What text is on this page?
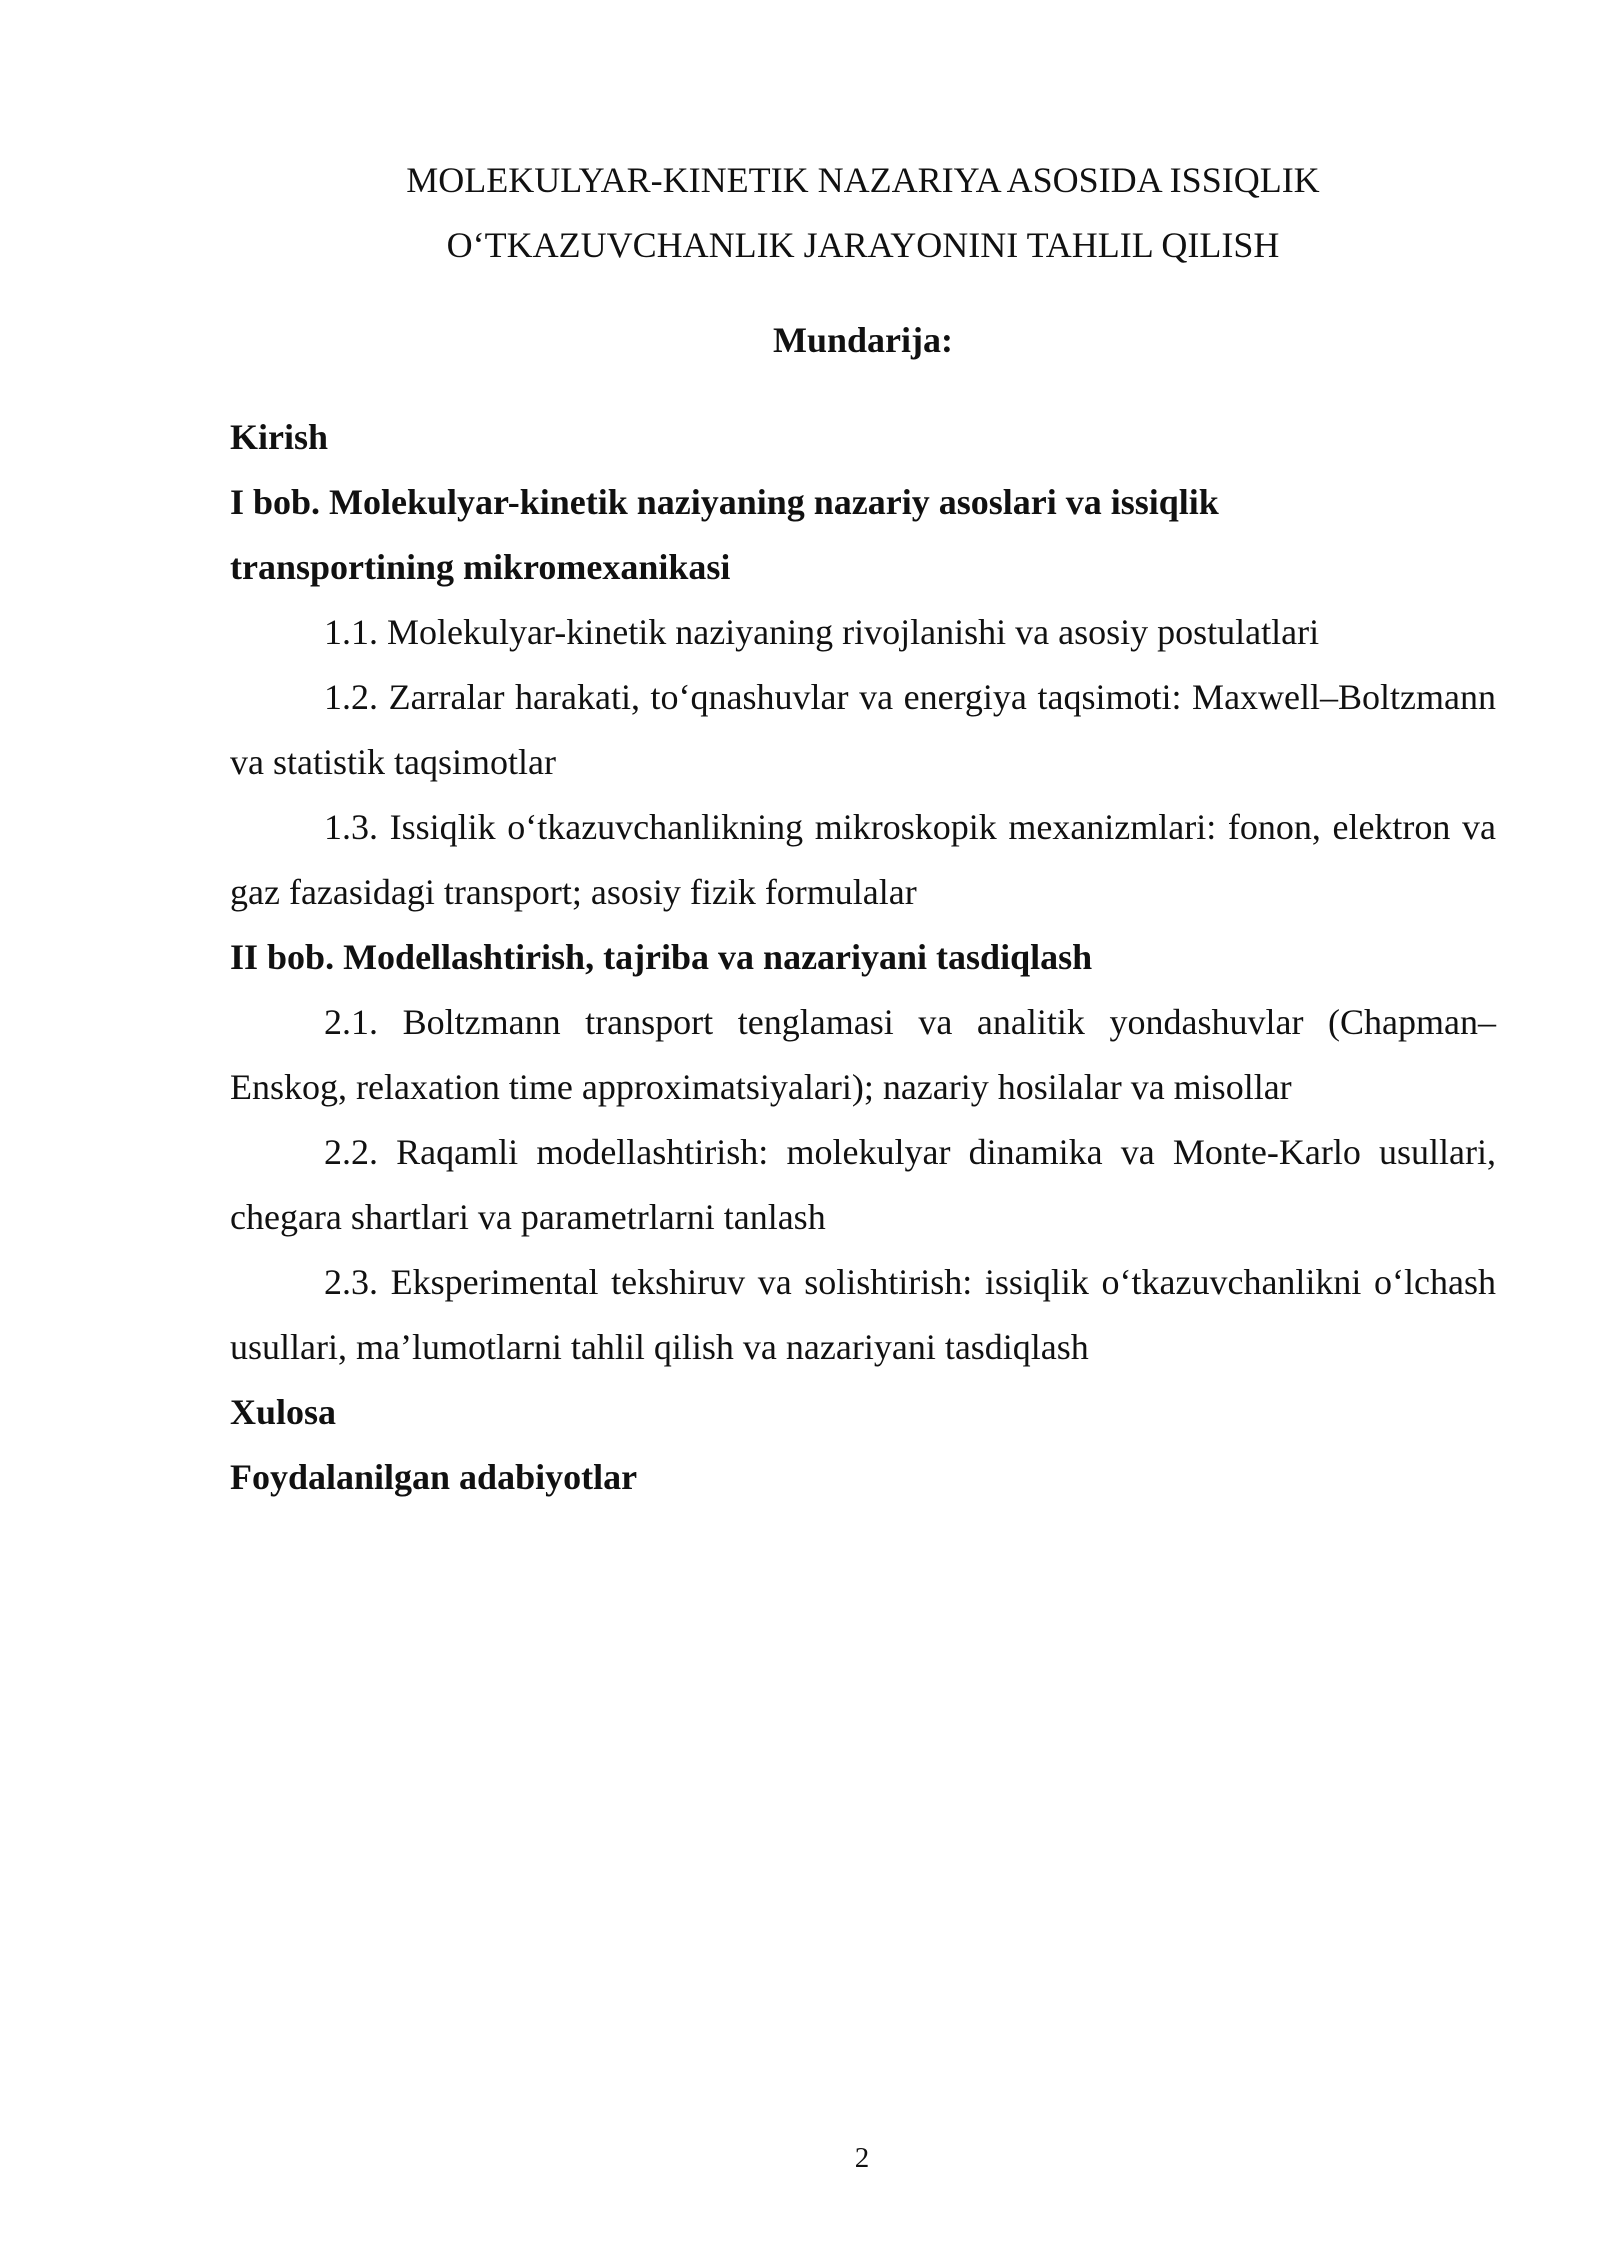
MOLEKULYAR-KINETIK NAZARIYA ASOSIDA ISSIQLIK
O‘TKAZUVCHANLIK JARAYONINI TAHLIL QILISH
Mundarija:

Kirish

I bob. Molekulyar-kinetik naziyaning nazariy asoslari va issiqlik transportining mikromexanikasi

1.1. Molekulyar-kinetik naziyaning rivojlanishi va asosiy postulatlari

1.2. Zarralar harakati, to‘qnashuvlar va energiya taqsimoti: Maxwell–Boltzmann va statistik taqsimotlar

1.3. Issiqlik o‘tkazuvchanlikning mikroskopik mexanizmlari: fonon, elektron va gaz fazasidagi transport; asosiy fizik formulalar

II bob. Modellashtirish, tajriba va nazariyani tasdiqlash

2.1. Boltzmann transport tenglamasi va analitik yondashuvlar (Chapman–Enskog, relaxation time approximatsiyalari); nazariy hosilalar va misollar

2.2. Raqamli modellashtirish: molekulyar dinamika va Monte-Karlo usullari, chegara shartlari va parametrlarni tanlash

2.3. Eksperimental tekshiruv va solishtirish: issiqlik o‘tkazuvchanlikni o‘lchash usullari, ma’lumotlarni tahlil qilish va nazariyani tasdiqlash

Xulosa

Foydalanilgan adabiyotlar

2
